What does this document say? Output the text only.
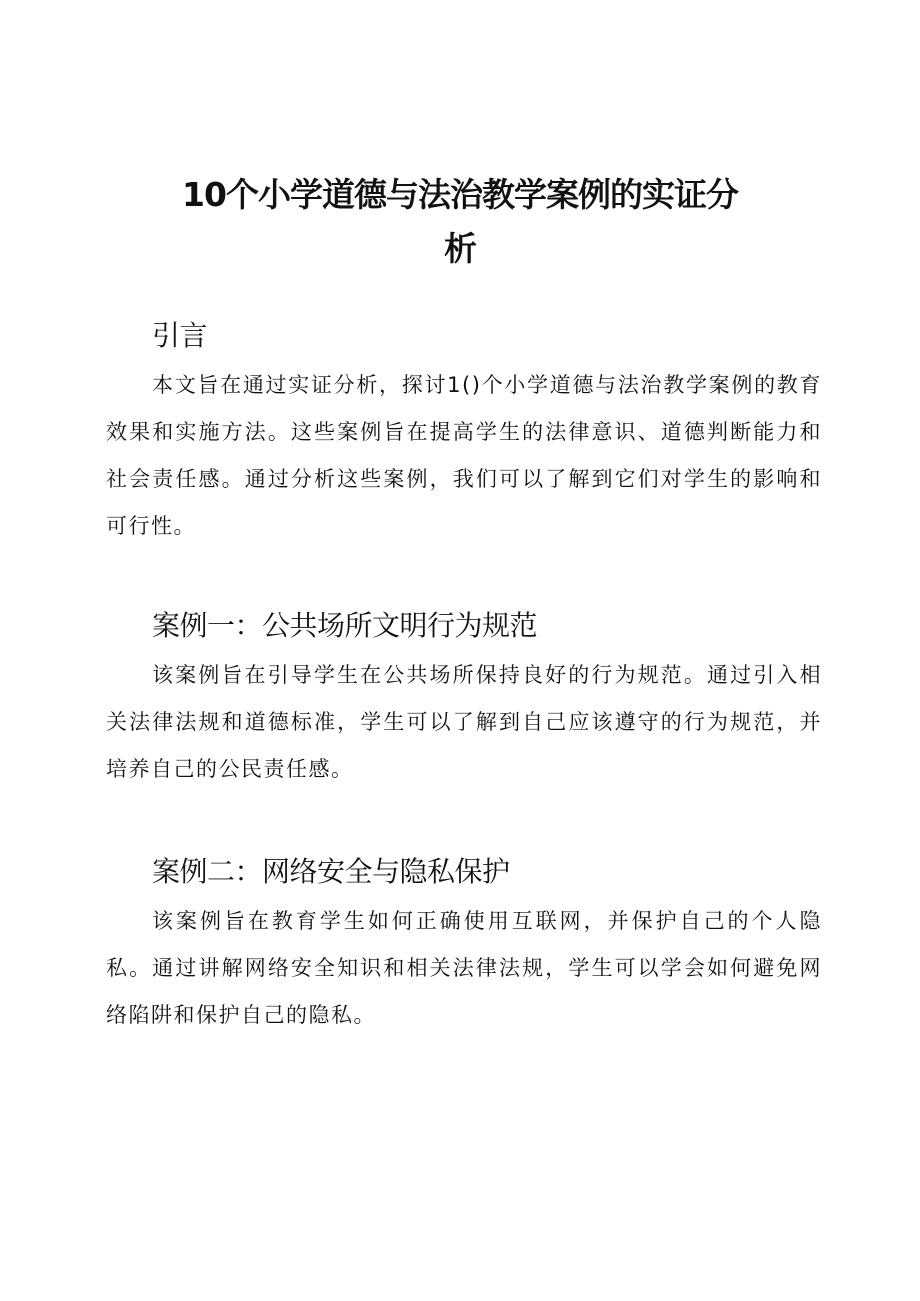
10个小学道德与法治教学案例的实证分
析
引言

本文旨在通过实证分析，探讨1()个小学道德与法治教学案例的教育效果和实施方法。这些案例旨在提高学生的法律意识、道德判断能力和社会责任感。通过分析这些案例，我们可以了解到它们对学生的影响和可行性。

案例一：公共场所文明行为规范

该案例旨在引导学生在公共场所保持良好的行为规范。通过引入相关法律法规和道德标准，学生可以了解到自己应该遵守的行为规范，并培养自己的公民责任感。

案例二：网络安全与隐私保护

该案例旨在教育学生如何正确使用互联网，并保护自己的个人隐私。通过讲解网络安全知识和相关法律法规，学生可以学会如何避免网络陷阱和保护自己的隐私。
